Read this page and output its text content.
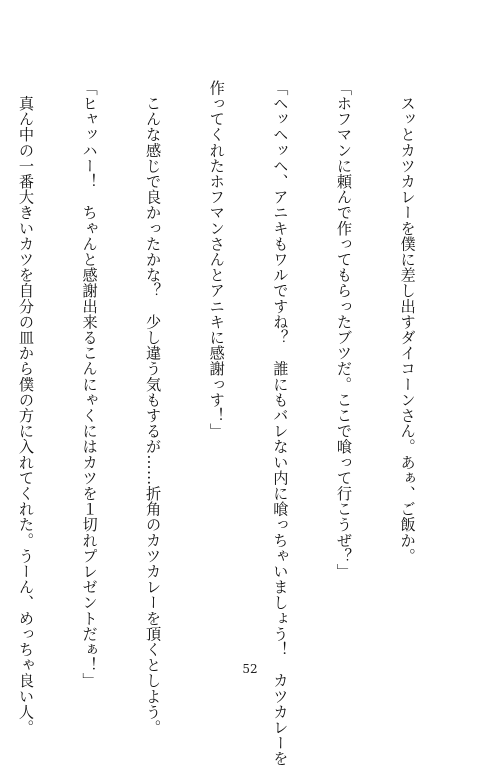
　スッとカツカレーを僕に差し出すダイコーンさん。あぁ、ご飯か。

「ホフマンに頼んで作ってもらったブツだ。ここで喰って行こうぜ？」

「ヘッヘッヘ、アニキもワルですね？　誰にもバレない内に喰っちゃいましょう！　カツカレーを

作ってくれたホフマンさんとアニキに感謝っす！」

　こんな感じで良かったかな？　少し違う気もするが……折角のカツカレーを頂くとしよう。

「ヒャッハー！　ちゃんと感謝出来るこんにゃくにはカツを１切れプレゼントだぁ！」

　真ん中の一番大きいカツを自分の皿から僕の方に入れてくれた。うーん、めっちゃ良い人。

	52
